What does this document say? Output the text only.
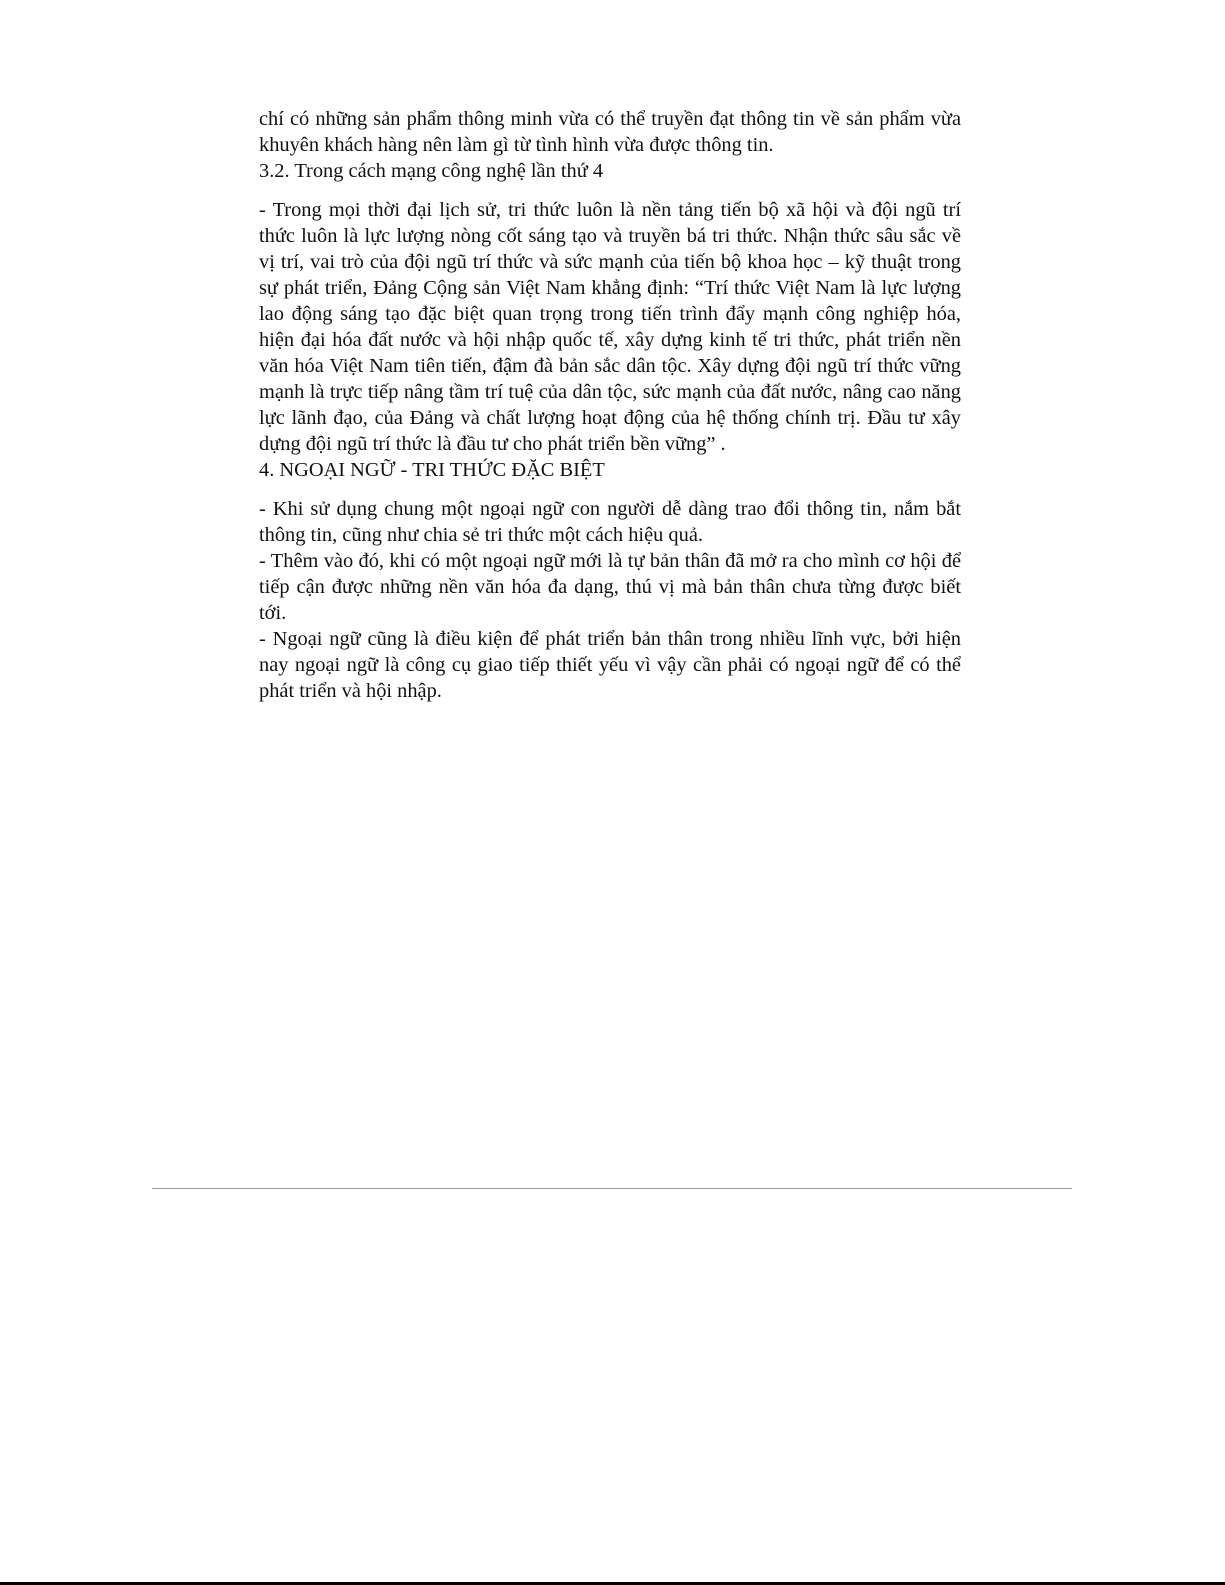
chí có những sản phẩm thông minh vừa có thể truyền đạt thông tin về sản phẩm vừa khuyên khách hàng nên làm gì từ tình hình vừa được thông tin.

3.2. Trong cách mạng công nghệ lần thứ 4

- Trong mọi thời đại lịch sử, tri thức luôn là nền tảng tiến bộ xã hội và đội ngũ trí thức luôn là lực lượng nòng cốt sáng tạo và truyền bá tri thức. Nhận thức sâu sắc về vị trí, vai trò của đội ngũ trí thức và sức mạnh của tiến bộ khoa học – kỹ thuật trong sự phát triển, Đảng Cộng sản Việt Nam khẳng định: “Trí thức Việt Nam là lực lượng lao động sáng tạo đặc biệt quan trọng trong tiến trình đẩy mạnh công nghiệp hóa, hiện đại hóa đất nước và hội nhập quốc tế, xây dựng kinh tế tri thức, phát triển nền văn hóa Việt Nam tiên tiến, đậm đà bản sắc dân tộc. Xây dựng đội ngũ trí thức vững mạnh là trực tiếp nâng tầm trí tuệ của dân tộc, sức mạnh của đất nước, nâng cao năng lực lãnh đạo, của Đảng và chất lượng hoạt động của hệ thống chính trị. Đầu tư xây dựng đội ngũ trí thức là đầu tư cho phát triển bền vững” .

4. NGOẠI NGỮ - TRI THỨC ĐẶC BIỆT

- Khi sử dụng chung một ngoại ngữ con người dễ dàng trao đổi thông tin, nắm bắt thông tin, cũng như chia sẻ tri thức một cách hiệu quả.

- Thêm vào đó, khi có một ngoại ngữ mới là tự bản thân đã mở ra cho mình cơ hội để tiếp cận được những nền văn hóa đa dạng, thú vị mà bản thân chưa từng được biết tới.

- Ngoại ngữ cũng là điều kiện để phát triển bản thân trong nhiều lĩnh vực, bởi hiện nay ngoại ngữ là công cụ giao tiếp thiết yếu vì vậy cần phải có ngoại ngữ để có thể phát triển và hội nhập.
